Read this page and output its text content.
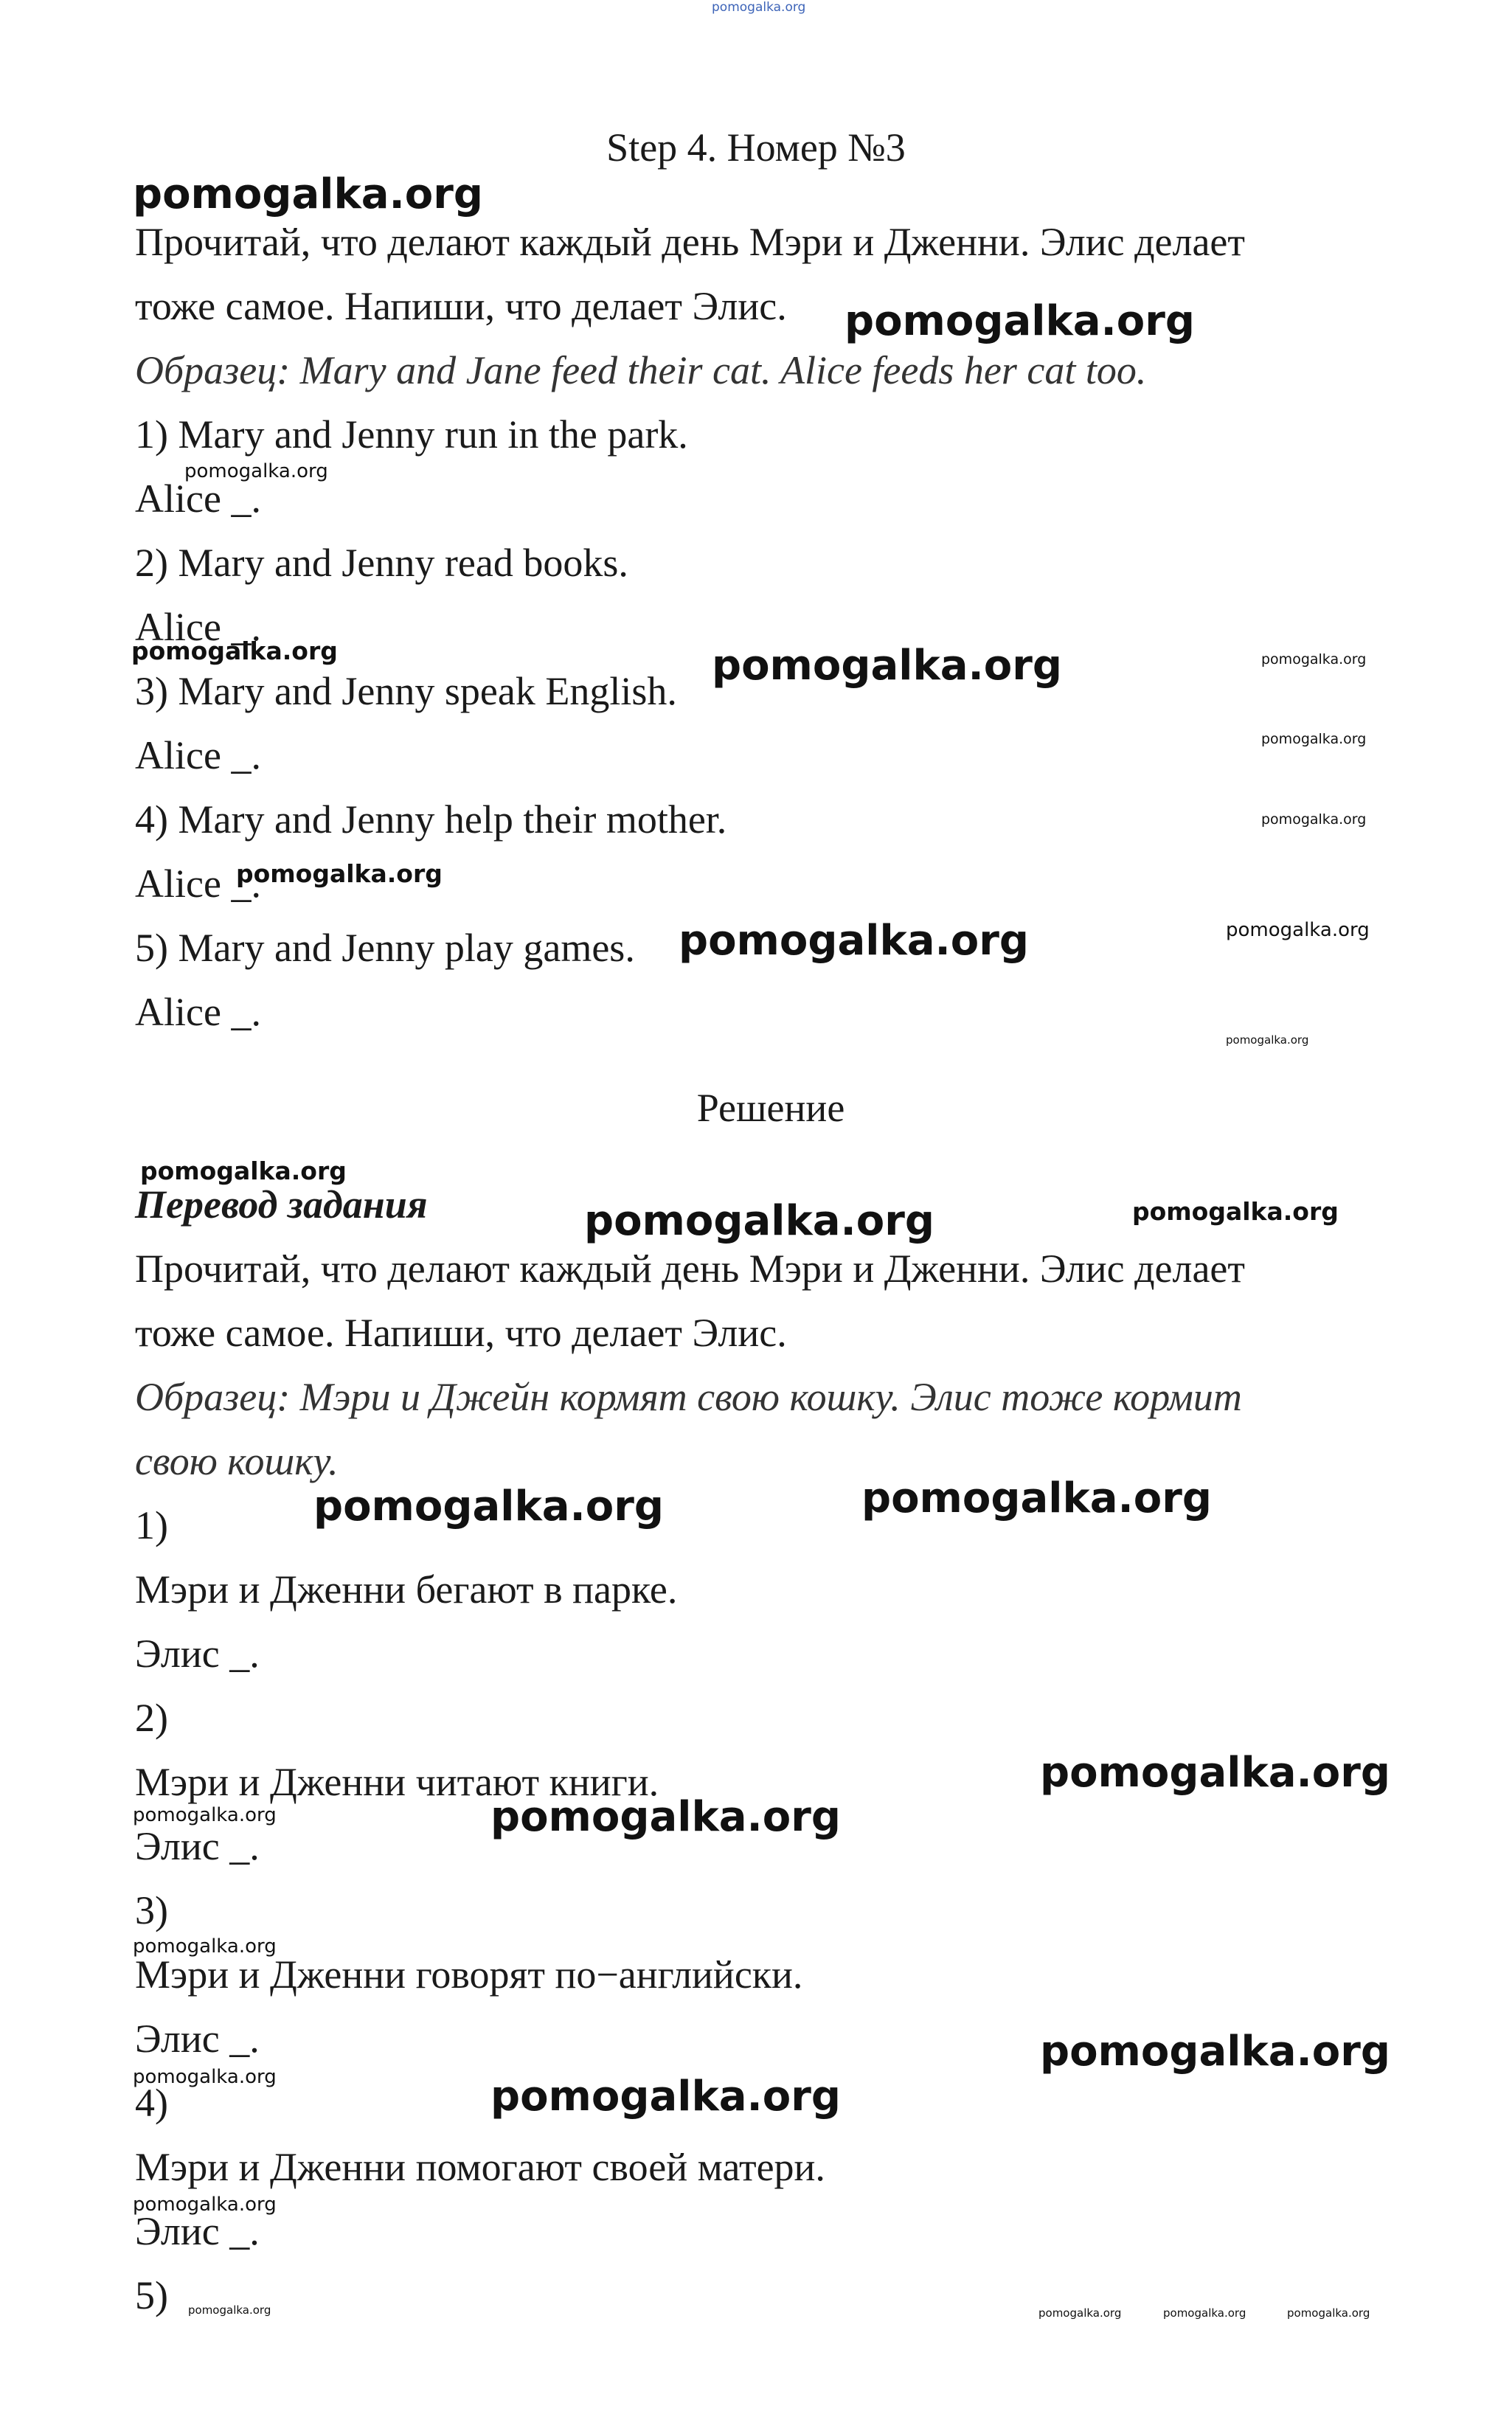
pomogalka.org
Step 4. Номер №3
Прочитай, что делают каждый день Мэри и Дженни. Элис делает
тоже самое. Напиши, что делает Элис.
Образец: Mary and Jane feed their cat. Alice feeds her cat too.
1) Mary and Jenny run in the park.
Alice _.
2) Mary and Jenny read books.
Alice _.
3) Mary and Jenny speak English.
Alice _.
4) Mary and Jenny help their mother.
Alice _.
5) Mary and Jenny play games.
Alice _.
Решение
Перевод задания
Прочитай, что делают каждый день Мэри и Дженни. Элис делает
тоже самое. Напиши, что делает Элис.
Образец: Мэри и Джейн кормят свою кошку. Элис тоже кормит
свою кошку.
1)
Мэри и Дженни бегают в парке.
Элис _.
2)
Мэри и Дженни читают книги.
Элис _.
3)
Мэри и Дженни говорят по−английски.
Элис _.
4)
Мэри и Дженни помогают своей матери.
Элис _.
5)
pomogalka.org
pomogalka.org
pomogalka.org
pomogalka.org	pomogalka.org	pomogalka.org
pomogalka.org
pomogalka.org
pomogalka.org
pomogalka.org	pomogalka.org
pomogalka.org
pomogalka.org
pomogalka.org	pomogalka.org
pomogalka.org	pomogalka.org
pomogalka.org
pomogalka.org	pomogalka.org
pomogalka.org
pomogalka.org
pomogalka.org	pomogalka.org
pomogalka.org
pomogalka.org	pomogalka.org	pomogalka.org	pomogalka.org
